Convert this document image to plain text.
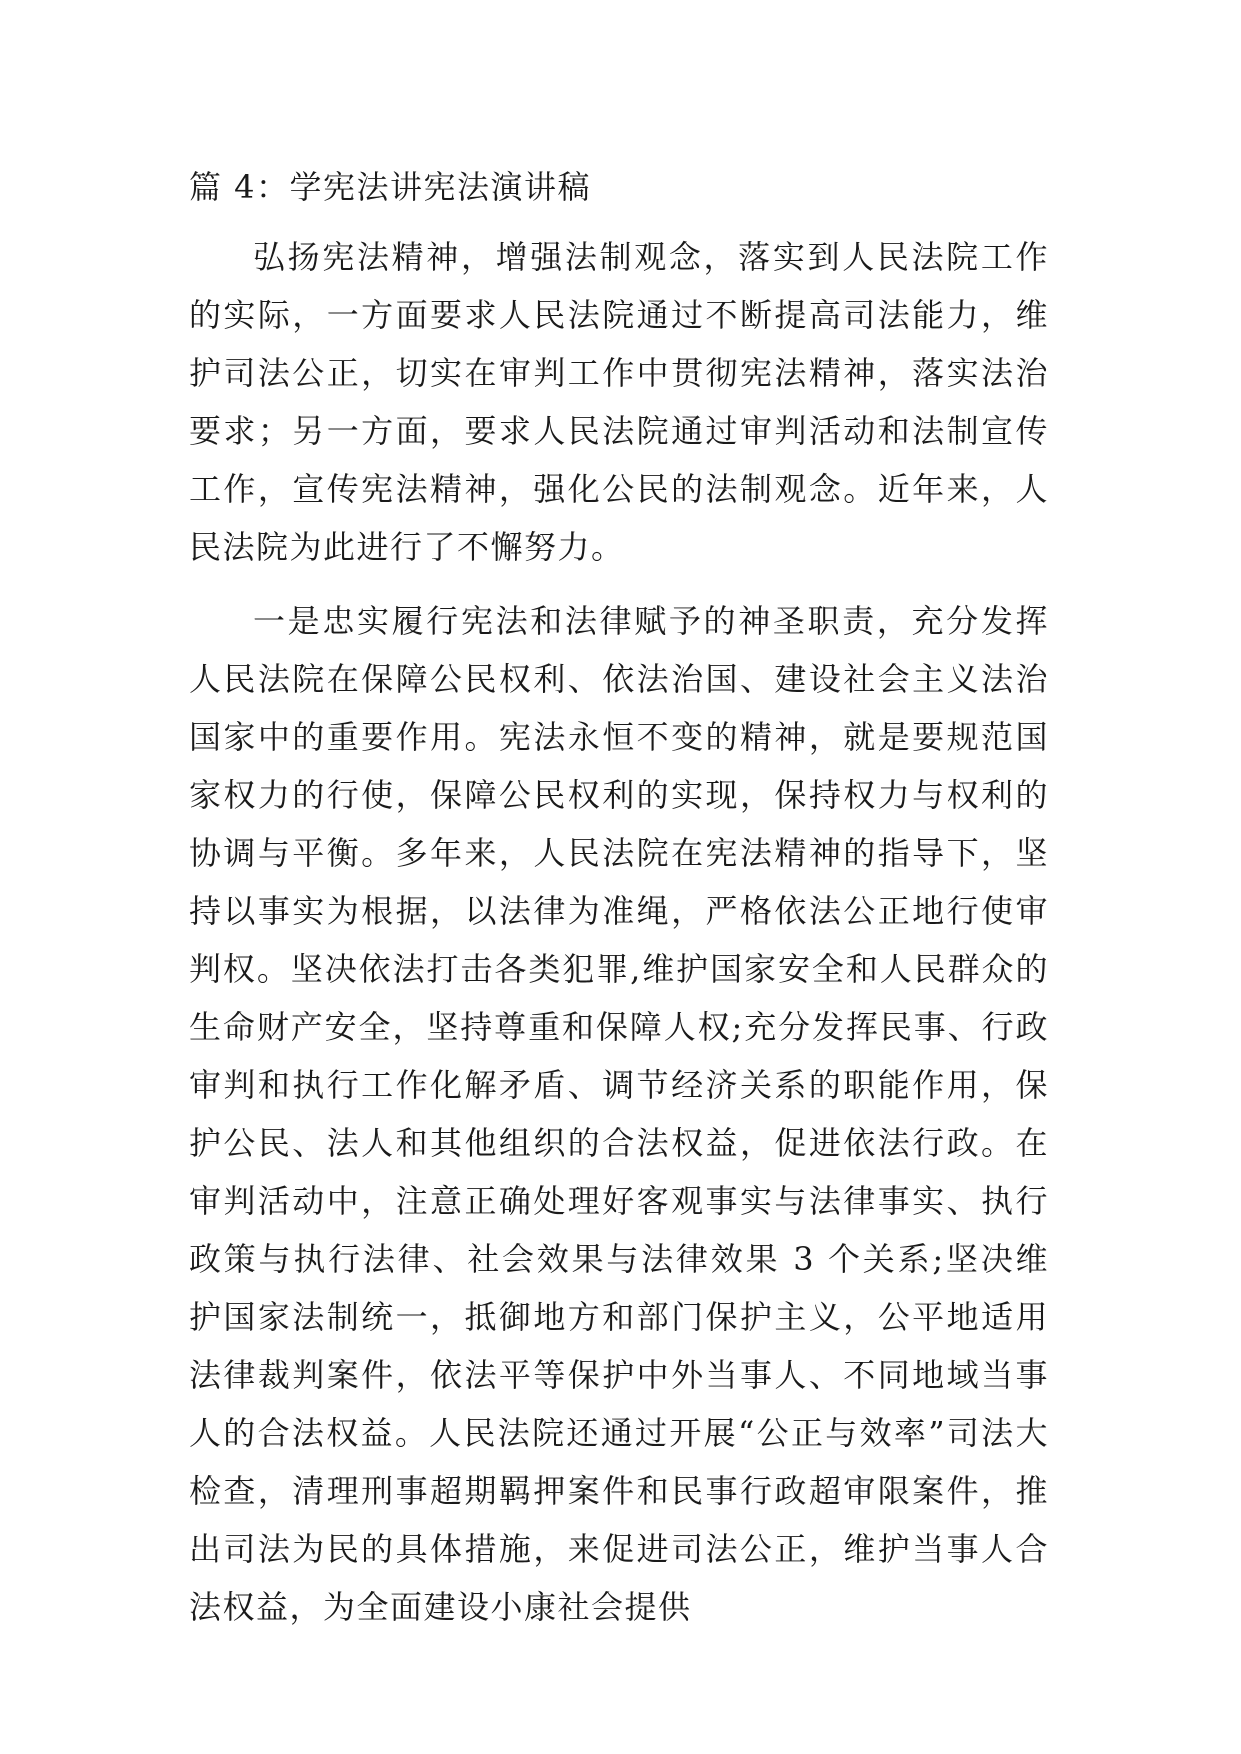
篇 4：学宪法讲宪法演讲稿

弘扬宪法精神，增强法制观念，落实到人民法院工作的实际，一方面要求人民法院通过不断提高司法能力，维护司法公正，切实在审判工作中贯彻宪法精神，落实法治要求；另一方面，要求人民法院通过审判活动和法制宣传工作，宣传宪法精神，强化公民的法制观念。近年来，人民法院为此进行了不懈努力。

一是忠实履行宪法和法律赋予的神圣职责，充分发挥人民法院在保障公民权利、依法治国、建设社会主义法治国家中的重要作用。宪法永恒不变的精神，就是要规范国家权力的行使，保障公民权利的实现，保持权力与权利的协调与平衡。多年来，人民法院在宪法精神的指导下，坚持以事实为根据，以法律为准绳，严格依法公正地行使审判权。坚决依法打击各类犯罪,维护国家安全和人民群众的生命财产安全，坚持尊重和保障人权;充分发挥民事、行政审判和执行工作化解矛盾、调节经济关系的职能作用，保护公民、法人和其他组织的合法权益，促进依法行政。在审判活动中，注意正确处理好客观事实与法律事实、执行政策与执行法律、社会效果与法律效果 3 个关系;坚决维护国家法制统一，抵御地方和部门保护主义，公平地适用法律裁判案件，依法平等保护中外当事人、不同地域当事人的合法权益。人民法院还通过开展“公正与效率”司法大检查，清理刑事超期羁押案件和民事行政超审限案件，推出司法为民的具体措施，来促进司法公正，维护当事人合法权益，为全面建设小康社会提供
